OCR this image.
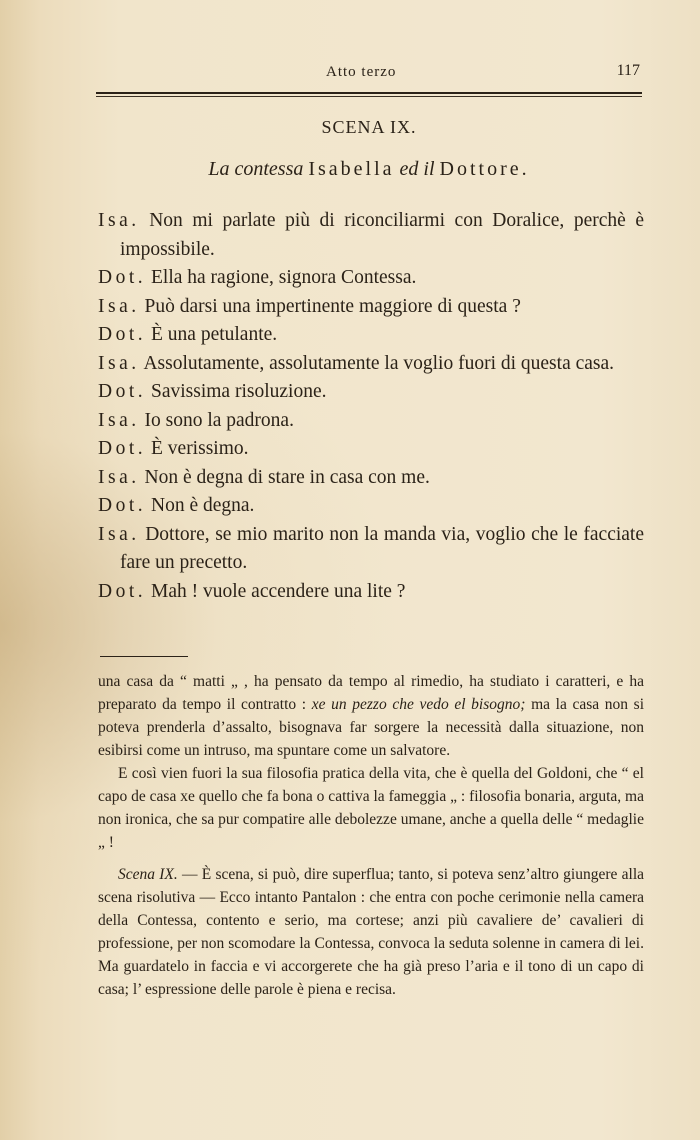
Atto terzo	117
SCENA IX.
La contessa Isabella ed il Dottore.

Isa. Non mi parlate più di riconciliarmi con Doralice, perchè è impossibile.

Dot. Ella ha ragione, signora Contessa.

Isa. Può darsi una impertinente maggiore di questa ?

Dot. È una petulante.

Isa. Assolutamente, assolutamente la voglio fuori di questa casa.

Dot. Savissima risoluzione.

Isa. Io sono la padrona.

Dot. È verissimo.

Isa. Non è degna di stare in casa con me.

Dot. Non è degna.

Isa. Dottore, se mio marito non la manda via, voglio che le facciate fare un precetto.

Dot. Mah ! vuole accendere una lite ?

una casa da “ matti „ , ha pensato da tempo al rimedio, ha studiato i caratteri, e ha preparato da tempo il contratto : xe un pezzo che vedo el bisogno; ma la casa non si poteva prenderla d’assalto, bisognava far sorgere la necessità dalla situazione, non esibirsi come un intruso, ma spuntare come un salvatore.

E così vien fuori la sua filosofia pratica della vita, che è quella del Goldoni, che “ el capo de casa xe quello che fa bona o cattiva la fameggia „ : filosofia bonaria, arguta, ma non ironica, che sa pur compatire alle debolezze umane, anche a quella delle “ medaglie „ !

Scena IX. — È scena, si può, dire superflua; tanto, si poteva senz’altro giungere alla scena risolutiva — Ecco intanto Pantalon : che entra con poche cerimonie nella camera della Contessa, contento e serio, ma cortese; anzi più cavaliere de’ cavalieri di professione, per non scomodare la Contessa, convoca la seduta solenne in camera di lei. Ma guardatelo in faccia e vi accorgerete che ha già preso l’aria e il tono di un capo di casa; l’ espressione delle parole è piena e recisa.
